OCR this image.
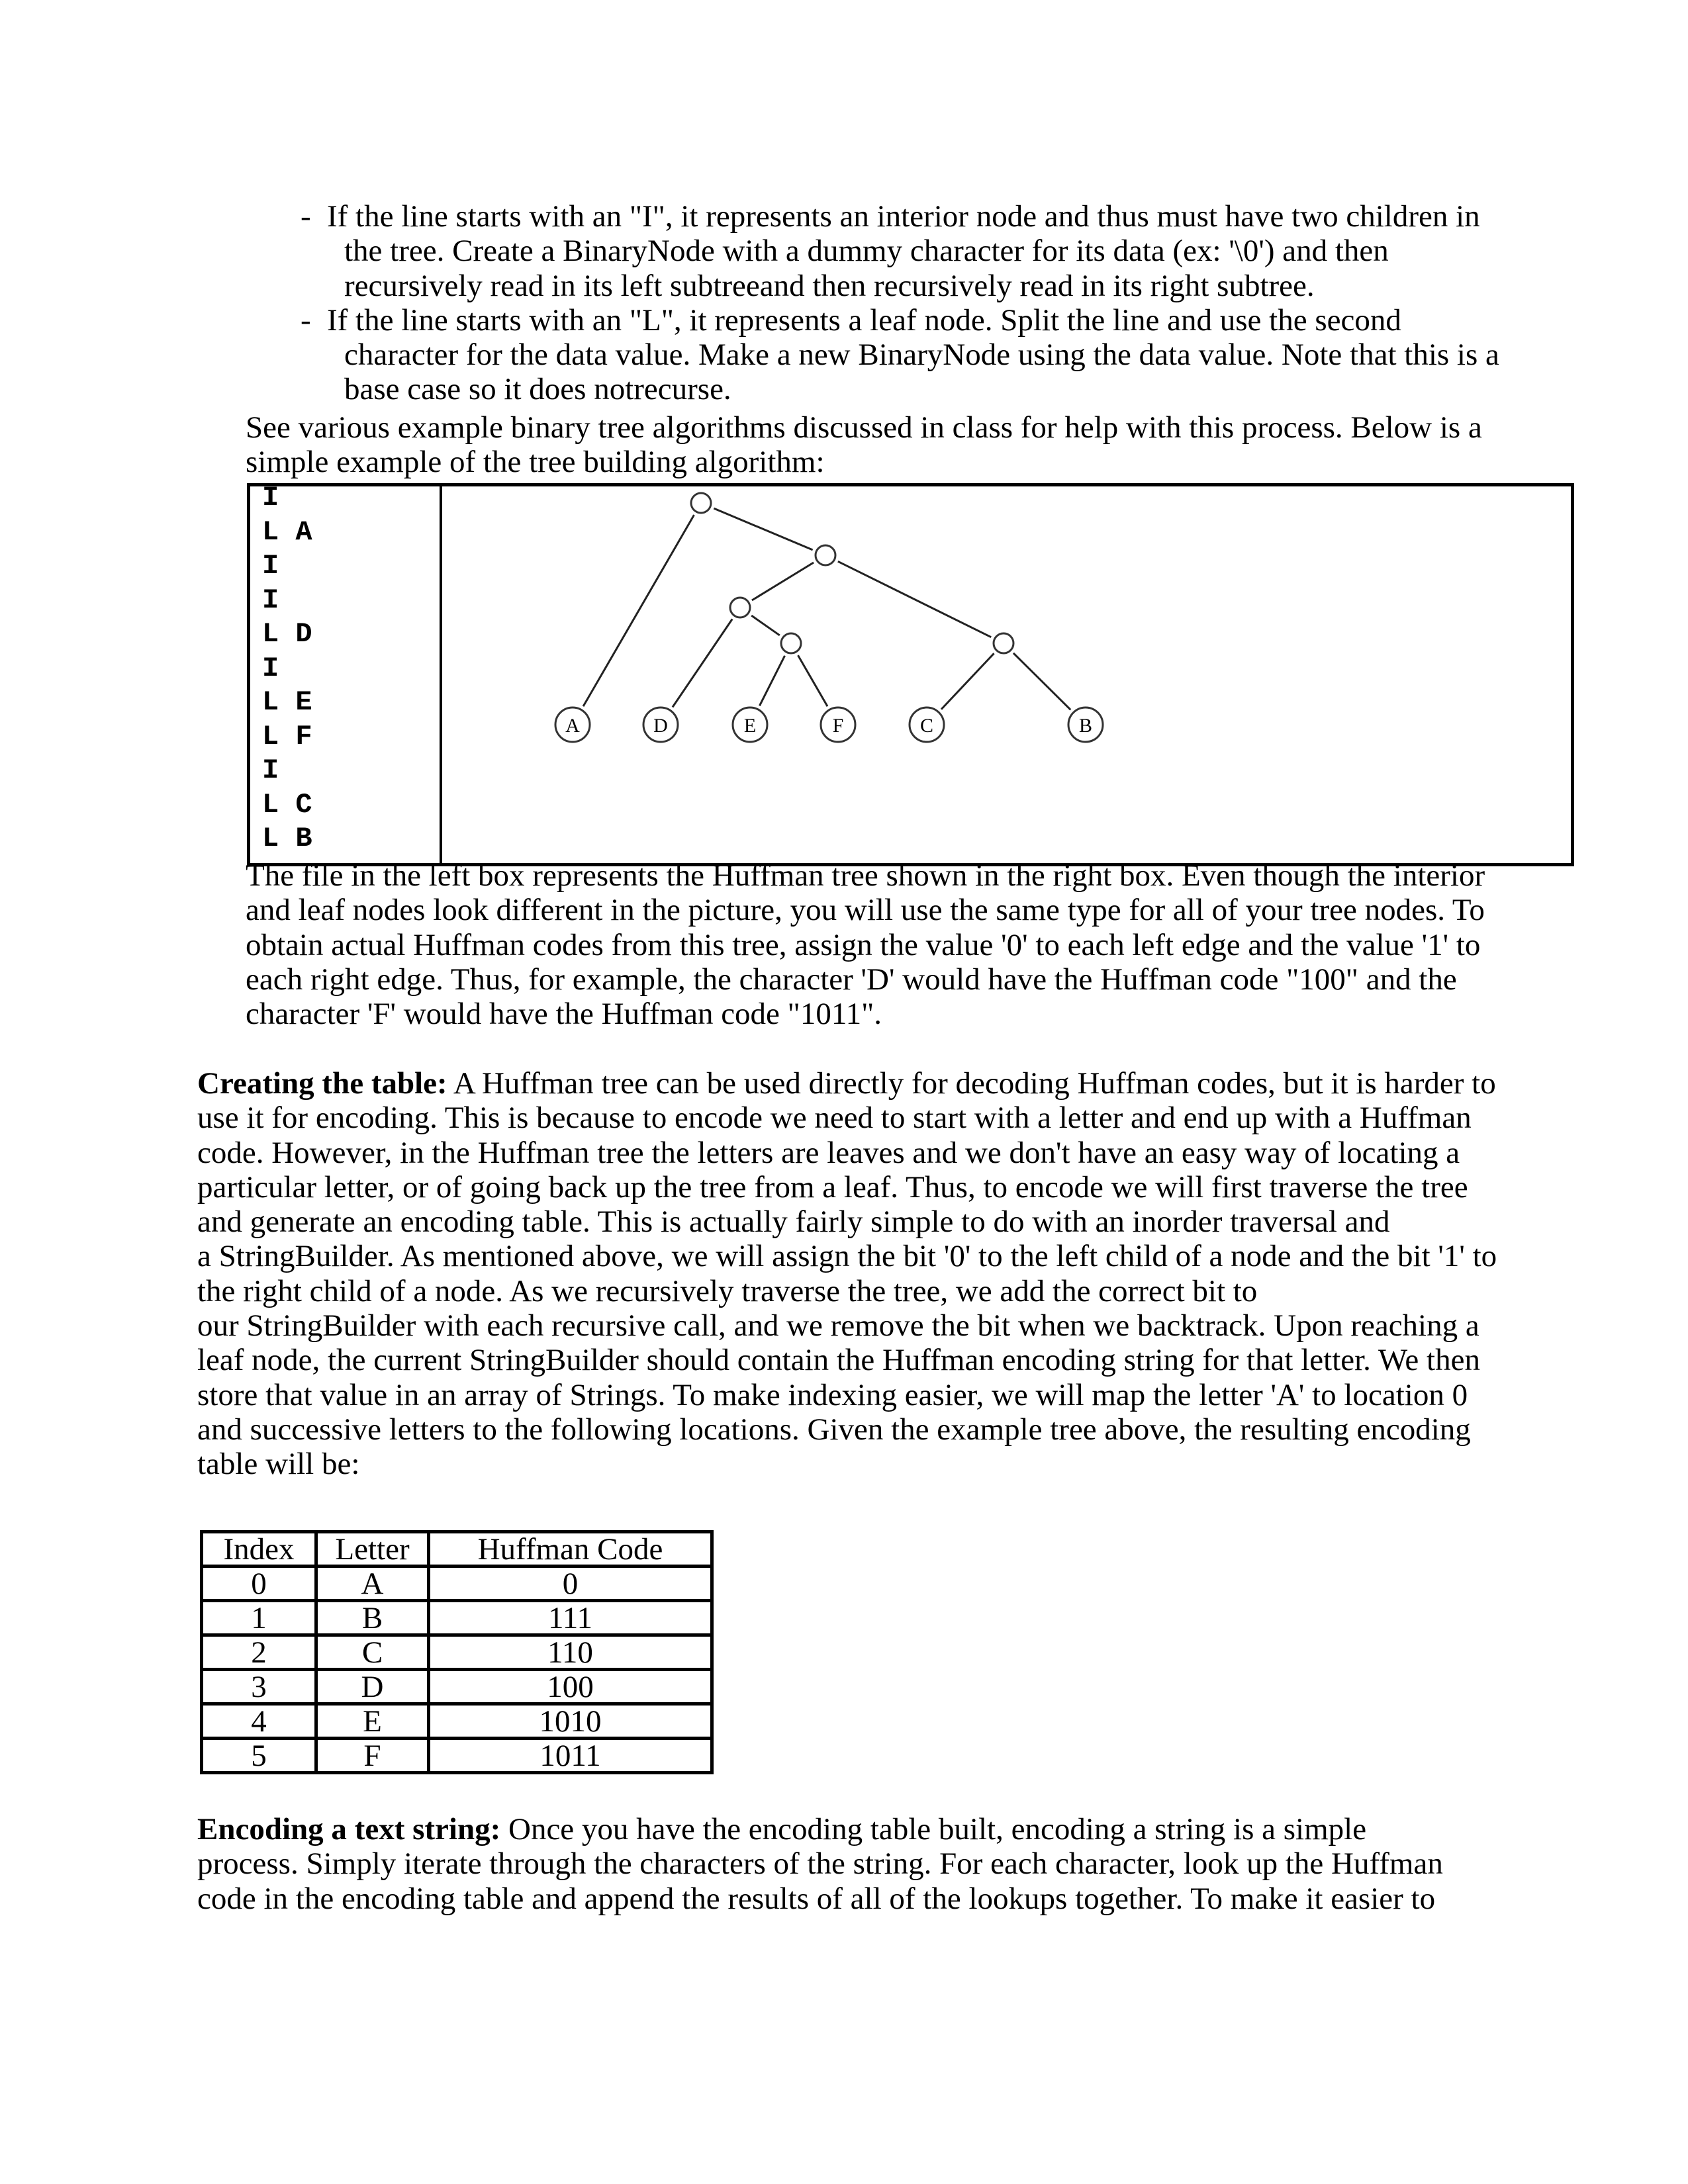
- If the line starts with an "I", it represents an interior node and thus must have two children in
the tree. Create a BinaryNode with a dummy character for its data (ex: '\0') and then
recursively read in its left subtreeand then recursively read in its right subtree.
- If the line starts with an "L", it represents a leaf node. Split the line and use the second
character for the data value. Make a new BinaryNode using the data value. Note that this is a
base case so it does notrecurse.
See various example binary tree algorithms discussed in class for help with this process. Below is a
simple example of the tree building algorithm:
I
L A
I
I
L D
I
L E
L F
I
L C
L B
A	D	E	F	C	B
The file in the left box represents the Huffman tree shown in the right box. Even though the interior
and leaf nodes look different in the picture, you will use the same type for all of your tree nodes. To
obtain actual Huffman codes from this tree, assign the value '0' to each left edge and the value '1' to
each right edge. Thus, for example, the character 'D' would have the Huffman code "100" and the
character 'F' would have the Huffman code "1011".
Creating the table: A Huffman tree can be used directly for decoding Huffman codes, but it is harder to
use it for encoding. This is because to encode we need to start with a letter and end up with a Huffman
code. However, in the Huffman tree the letters are leaves and we don't have an easy way of locating a
particular letter, or of going back up the tree from a leaf. Thus, to encode we will first traverse the tree
and generate an encoding table. This is actually fairly simple to do with an inorder traversal and
a StringBuilder. As mentioned above, we will assign the bit '0' to the left child of a node and the bit '1' to
the right child of a node. As we recursively traverse the tree, we add the correct bit to
our StringBuilder with each recursive call, and we remove the bit when we backtrack. Upon reaching a
leaf node, the current StringBuilder should contain the Huffman encoding string for that letter. We then
store that value in an array of Strings. To make indexing easier, we will map the letter 'A' to location 0
and successive letters to the following locations. Given the example tree above, the resulting encoding
table will be:
Index	Letter	Huffman Code
0	A	0
1	B	111
2	C	110
3	D	100
4	E	1010
5	F	1011
Encoding a text string: Once you have the encoding table built, encoding a string is a simple
process. Simply iterate through the characters of the string. For each character, look up the Huffman
code in the encoding table and append the results of all of the lookups together. To make it easier to
